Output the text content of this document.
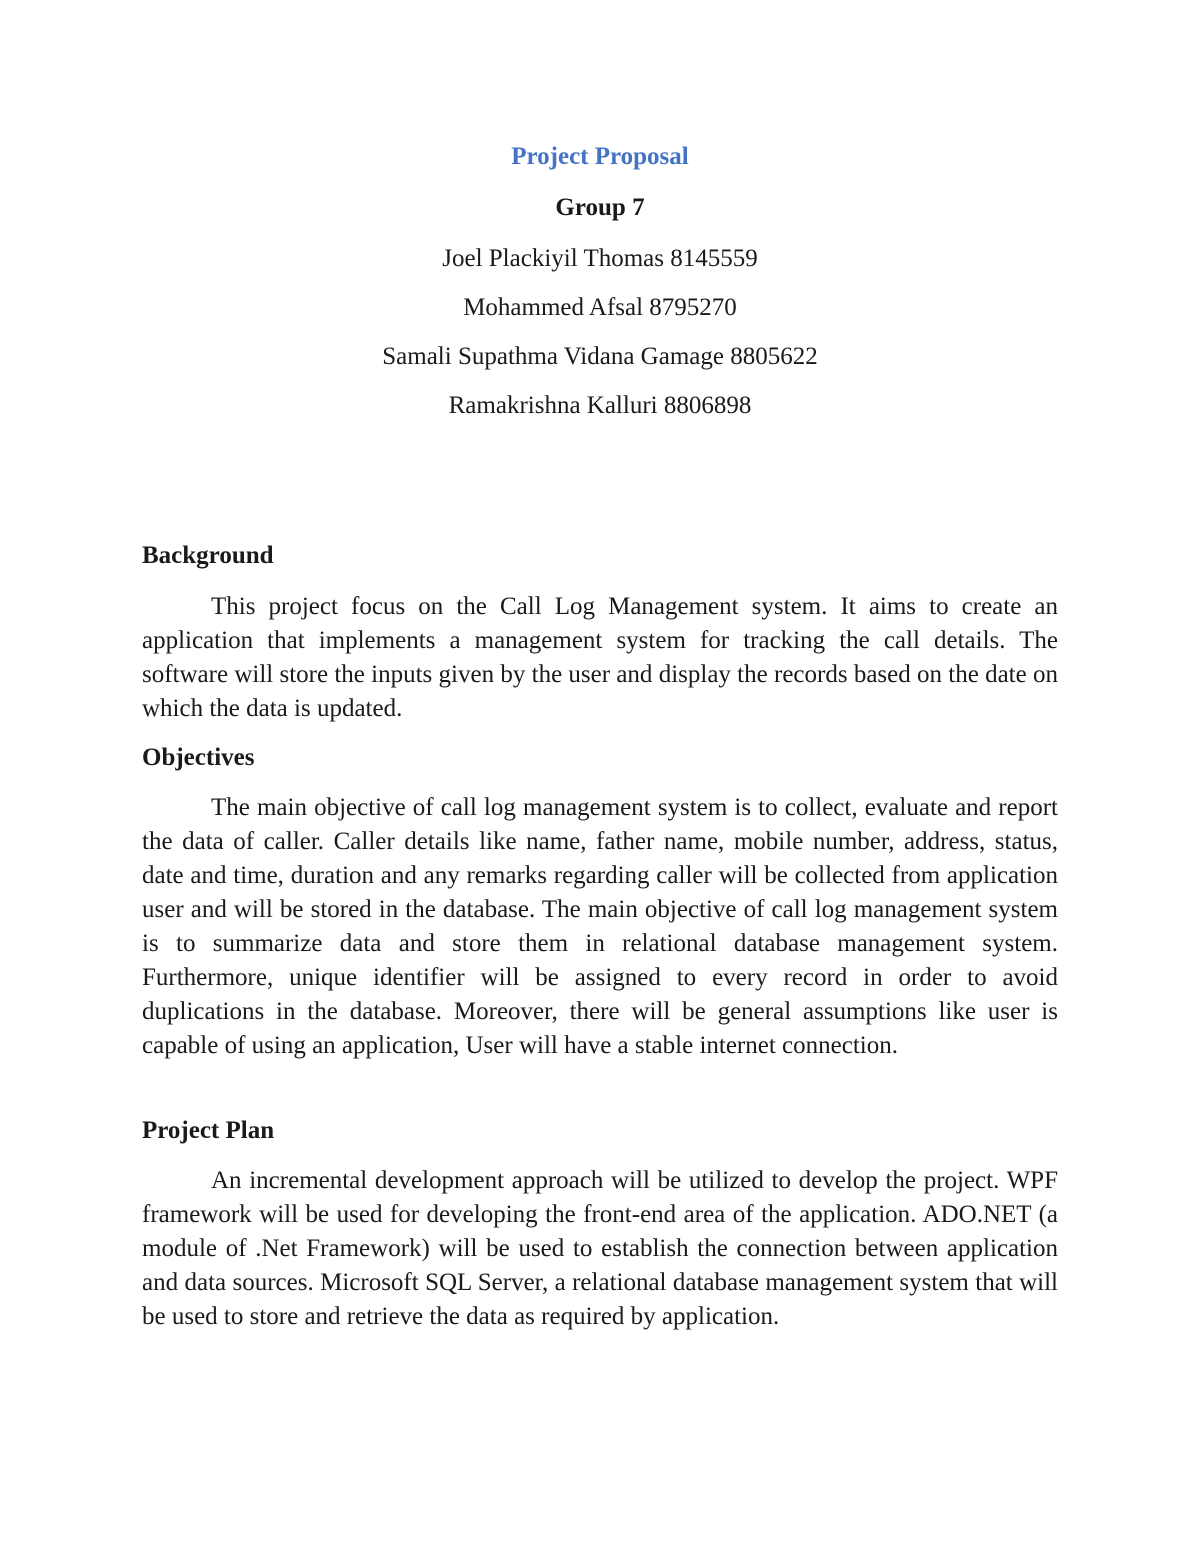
Project Proposal
Group 7
Joel Plackiyil Thomas 8145559
Mohammed Afsal 8795270
Samali Supathma Vidana Gamage 8805622
Ramakrishna Kalluri 8806898
Background

This project focus on the Call Log Management system. It aims to create an application that implements a management system for tracking the call details. The software will store the inputs given by the user and display the records based on the date on which the data is updated.

Objectives

The main objective of call log management system is to collect, evaluate and report the data of caller. Caller details like name, father name, mobile number, address, status, date and time, duration and any remarks regarding caller will be collected from application user and will be stored in the database. The main objective of call log management system is to summarize data and store them in relational database management system. Furthermore, unique identifier will be assigned to every record in order to avoid duplications in the database. Moreover, there will be general assumptions like user is capable of using an application, User will have a stable internet connection.

Project Plan

An incremental development approach will be utilized to develop the project. WPF framework will be used for developing the front-end area of the application. ADO.NET (a module of .Net Framework) will be used to establish the connection between application and data sources. Microsoft SQL Server, a relational database management system that will be used to store and retrieve the data as required by application.
